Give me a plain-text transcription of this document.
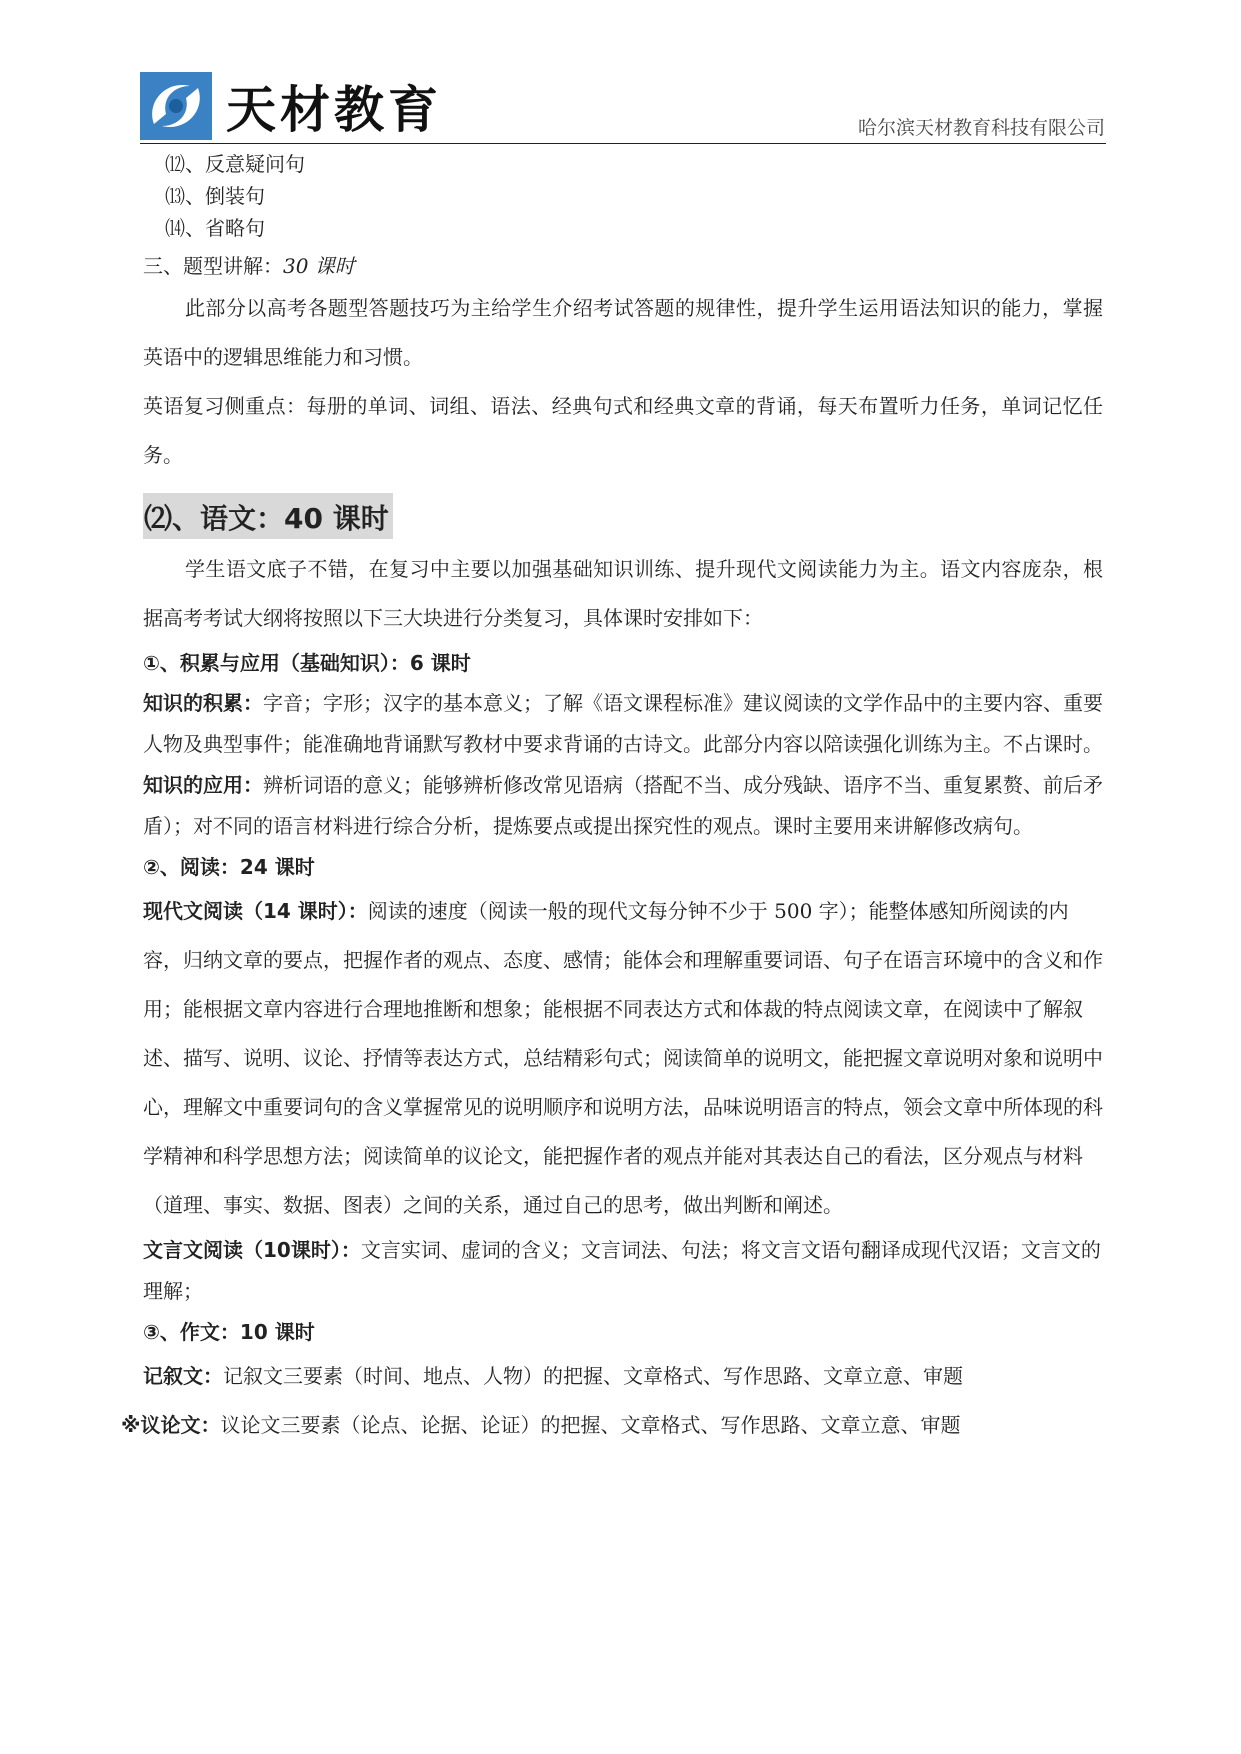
天材教育	哈尔滨天材教育科技有限公司

⑿、反意疑问句

⒀、倒装句

⒁、省略句

三、题型讲解：30 课时

此部分以高考各题型答题技巧为主给学生介绍考试答题的规律性，提升学生运用语法知识的能力，掌握英语中的逻辑思维能力和习惯。

英语复习侧重点：每册的单词、词组、语法、经典句式和经典文章的背诵，每天布置听力任务，单词记忆任务。

⑵、语文：40 课时

学生语文底子不错，在复习中主要以加强基础知识训练、提升现代文阅读能力为主。语文内容庞杂，根据高考考试大纲将按照以下三大块进行分类复习，具体课时安排如下：

①、积累与应用（基础知识）：6 课时

知识的积累：字音；字形；汉字的基本意义；了解《语文课程标准》建议阅读的文学作品中的主要内容、重要人物及典型事件；能准确地背诵默写教材中要求背诵的古诗文。此部分内容以陪读强化训练为主。不占课时。

知识的应用：辨析词语的意义；能够辨析修改常见语病（搭配不当、成分残缺、语序不当、重复累赘、前后矛盾）；对不同的语言材料进行综合分析，提炼要点或提出探究性的观点。课时主要用来讲解修改病句。

②、阅读：24 课时

现代文阅读（14 课时）：阅读的速度（阅读一般的现代文每分钟不少于 500 字）；能整体感知所阅读的内容，归纳文章的要点，把握作者的观点、态度、感情；能体会和理解重要词语、句子在语言环境中的含义和作用；能根据文章内容进行合理地推断和想象；能根据不同表达方式和体裁的特点阅读文章，在阅读中了解叙述、描写、说明、议论、抒情等表达方式，总结精彩句式；阅读简单的说明文，能把握文章说明对象和说明中心，理解文中重要词句的含义掌握常见的说明顺序和说明方法，品味说明语言的特点，领会文章中所体现的科学精神和科学思想方法；阅读简单的议论文，能把握作者的观点并能对其表达自己的看法，区分观点与材料（道理、事实、数据、图表）之间的关系，通过自己的思考，做出判断和阐述。

文言文阅读（10课时）：文言实词、虚词的含义；文言词法、句法；将文言文语句翻译成现代汉语；文言文的理解；

③、作文：10 课时

记叙文：记叙文三要素（时间、地点、人物）的把握、文章格式、写作思路、文章立意、审题

※议论文：议论文三要素（论点、论据、论证）的把握、文章格式、写作思路、文章立意、审题
